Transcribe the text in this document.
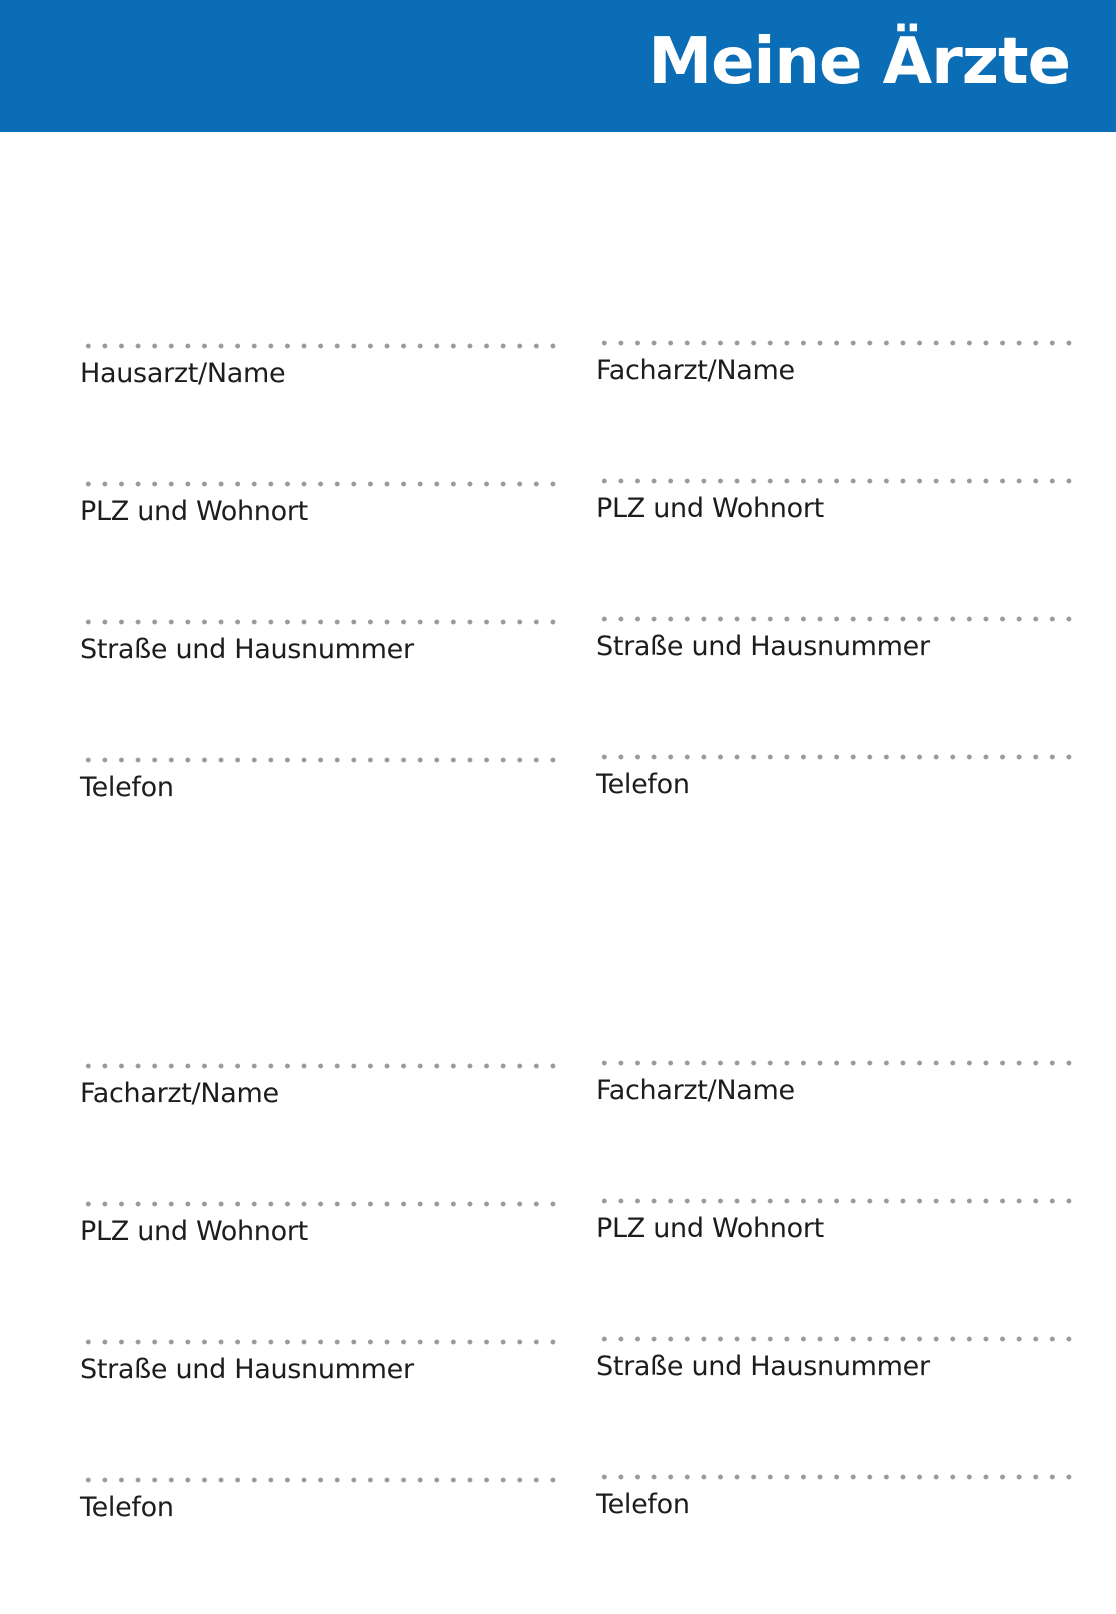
Meine Ärzte
Hausarzt/Name
PLZ und Wohnort
Straße und Hausnummer
Telefon
Facharzt/Name
PLZ und Wohnort
Straße und Hausnummer
Telefon
Facharzt/Name
PLZ und Wohnort
Straße und Hausnummer
Telefon
Facharzt/Name
PLZ und Wohnort
Straße und Hausnummer
Telefon
